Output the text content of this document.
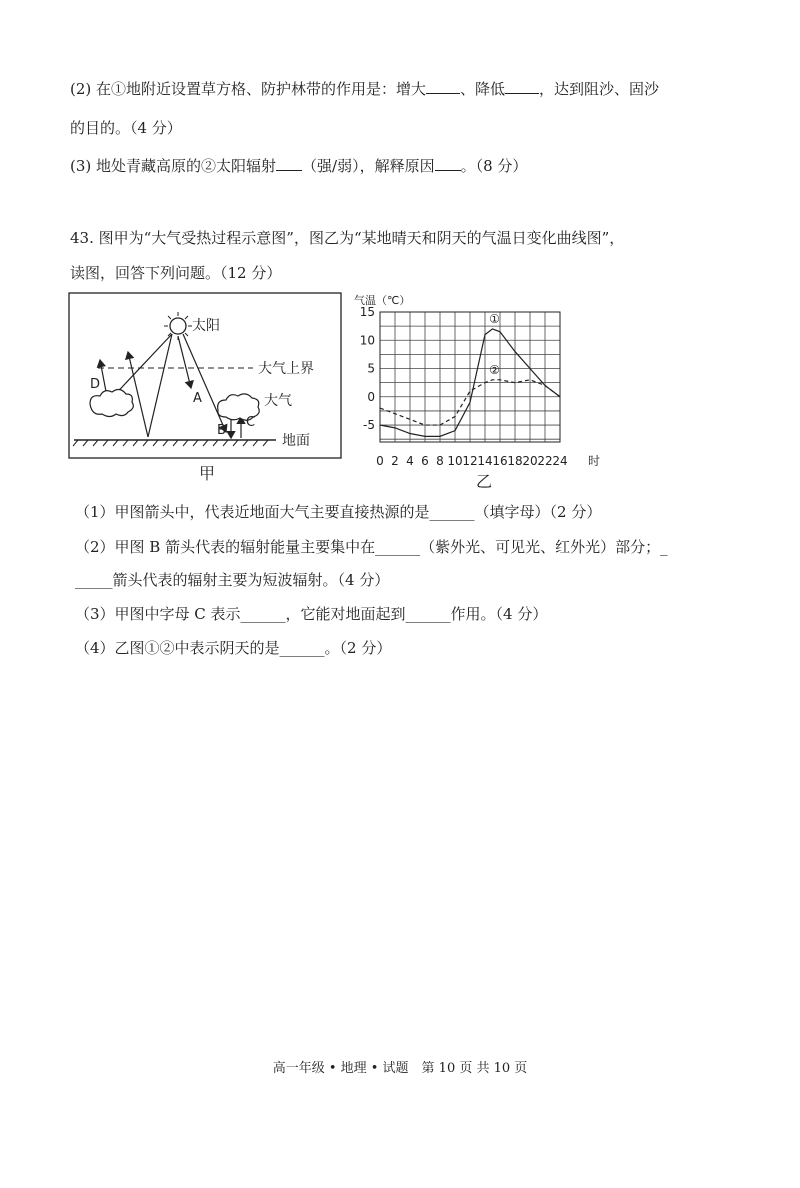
(2) 在①地附近设置草方格、防护林带的作用是：增大 、降低 ，达到阻沙、固沙
的目的。（4 分）
(3) 地处青藏高原的②太阳辐射 （强/弱），解释原因 。（8 分）
43. 图甲为“大气受热过程示意图”，图乙为“某地晴天和阴天的气温日变化曲线图”，
读图，回答下列问题。（12 分）
太阳
大气上界
D
A
B
C
大气
地面
甲
气温（℃）
15
10
5
0
-5
0 2 4 6 8 10 12 14 16 18 20 22 24
①
②
时
乙
（1）甲图箭头中，代表近地面大气主要直接热源的是______（填字母）（2 分）
（2）甲图 B 箭头代表的辐射能量主要集中在______（紫外光、可见光、红外光）部分；_
_____箭头代表的辐射主要为短波辐射。（4 分）
（3）甲图中字母 C 表示______，它能对地面起到______作用。（4 分）
（4）乙图①②中表示阴天的是______。（2 分）
高一年级 • 地理 • 试题　第 10 页 共 10 页
